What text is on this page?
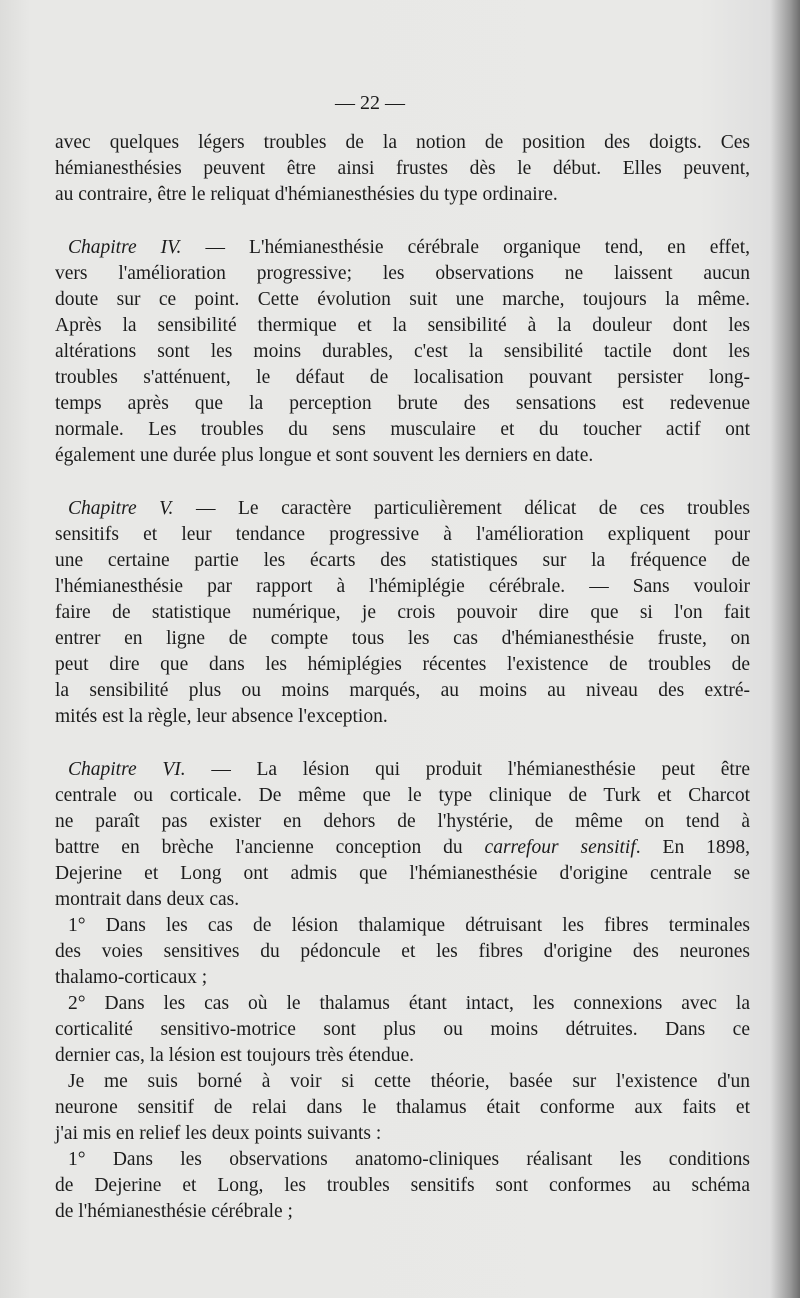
— 22 —
avec quelques légers troubles de la notion de position des doigts. Ces
hémianesthésies peuvent être ainsi frustes dès le début. Elles peuvent,
au contraire, être le reliquat d'hémianesthésies du type ordinaire.
Chapitre IV. — L'hémianesthésie cérébrale organique tend, en effet,
vers l'amélioration progressive; les observations ne laissent aucun
doute sur ce point. Cette évolution suit une marche, toujours la même.
Après la sensibilité thermique et la sensibilité à la douleur dont les
altérations sont les moins durables, c'est la sensibilité tactile dont les
troubles s'atténuent, le défaut de localisation pouvant persister long-
temps après que la perception brute des sensations est redevenue
normale. Les troubles du sens musculaire et du toucher actif ont
également une durée plus longue et sont souvent les derniers en date.
Chapitre V. — Le caractère particulièrement délicat de ces troubles
sensitifs et leur tendance progressive à l'amélioration expliquent pour
une certaine partie les écarts des statistiques sur la fréquence de
l'hémianesthésie par rapport à l'hémiplégie cérébrale. — Sans vouloir
faire de statistique numérique, je crois pouvoir dire que si l'on fait
entrer en ligne de compte tous les cas d'hémianesthésie fruste, on
peut dire que dans les hémiplégies récentes l'existence de troubles de
la sensibilité plus ou moins marqués, au moins au niveau des extré-
mités est la règle, leur absence l'exception.
Chapitre VI. — La lésion qui produit l'hémianesthésie peut être
centrale ou corticale. De même que le type clinique de Turk et Charcot
ne paraît pas exister en dehors de l'hystérie, de même on tend à
battre en brèche l'ancienne conception du carrefour sensitif. En 1898,
Dejerine et Long ont admis que l'hémianesthésie d'origine centrale se
montrait dans deux cas.
1° Dans les cas de lésion thalamique détruisant les fibres terminales
des voies sensitives du pédoncule et les fibres d'origine des neurones
thalamo-corticaux ;
2° Dans les cas où le thalamus étant intact, les connexions avec la
corticalité sensitivo-motrice sont plus ou moins détruites. Dans ce
dernier cas, la lésion est toujours très étendue.
Je me suis borné à voir si cette théorie, basée sur l'existence d'un
neurone sensitif de relai dans le thalamus était conforme aux faits et
j'ai mis en relief les deux points suivants :
1° Dans les observations anatomo-cliniques réalisant les conditions
de Dejerine et Long, les troubles sensitifs sont conformes au schéma
de l'hémianesthésie cérébrale ;
